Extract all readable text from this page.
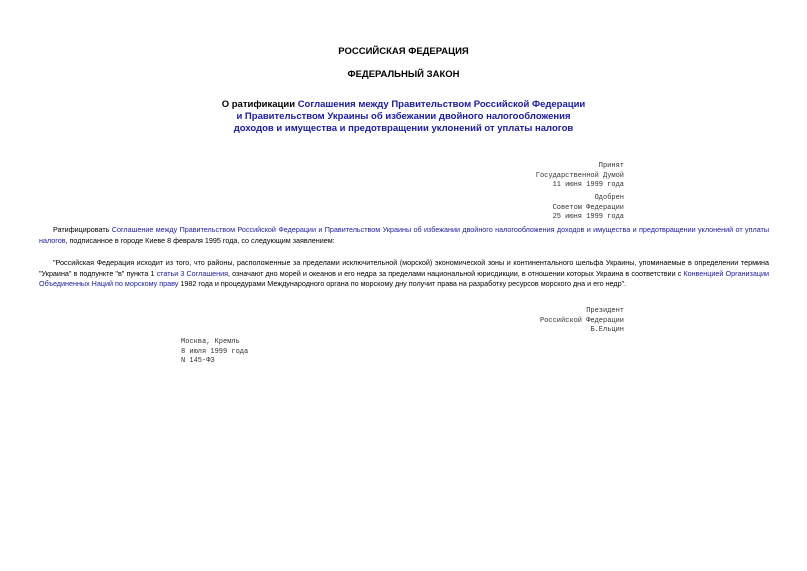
РОССИЙСКАЯ ФЕДЕРАЦИЯ
ФЕДЕРАЛЬНЫЙ ЗАКОН
О ратификации Соглашения между Правительством Российской Федерации и Правительством Украины об избежании двойного налогообложения доходов и имущества и предотвращении уклонений от уплаты налогов
Принят
Государственной Думой
11 июня 1999 года
Одобрен
Советом Федерации
25 июня 1999 года
Ратифицировать Соглашение между Правительством Российской Федерации и Правительством Украины об избежании двойного налогообложения доходов и имущества и предотвращении уклонений от уплаты налогов, подписанное в городе Киеве 8 февраля 1995 года, со следующим заявлением:
"Российская Федерация исходит из того, что районы, расположенные за пределами исключительной (морской) экономической зоны и континентального шельфа Украины, упоминаемые в определении термина "Украина" в подпункте "в" пункта 1 статьи 3 Соглашения, означают дно морей и океанов и его недра за пределами национальной юрисдикции, в отношении которых Украина в соответствии с Конвенцией Организации Объединенных Наций по морскому праву 1982 года и процедурами Международного органа по морскому дну получит права на разработку ресурсов морского дна и его недр".
Президент
Российской Федерации
Б.Ельцин
Москва, Кремль
8 июля 1999 года
N 145-ФЗ
